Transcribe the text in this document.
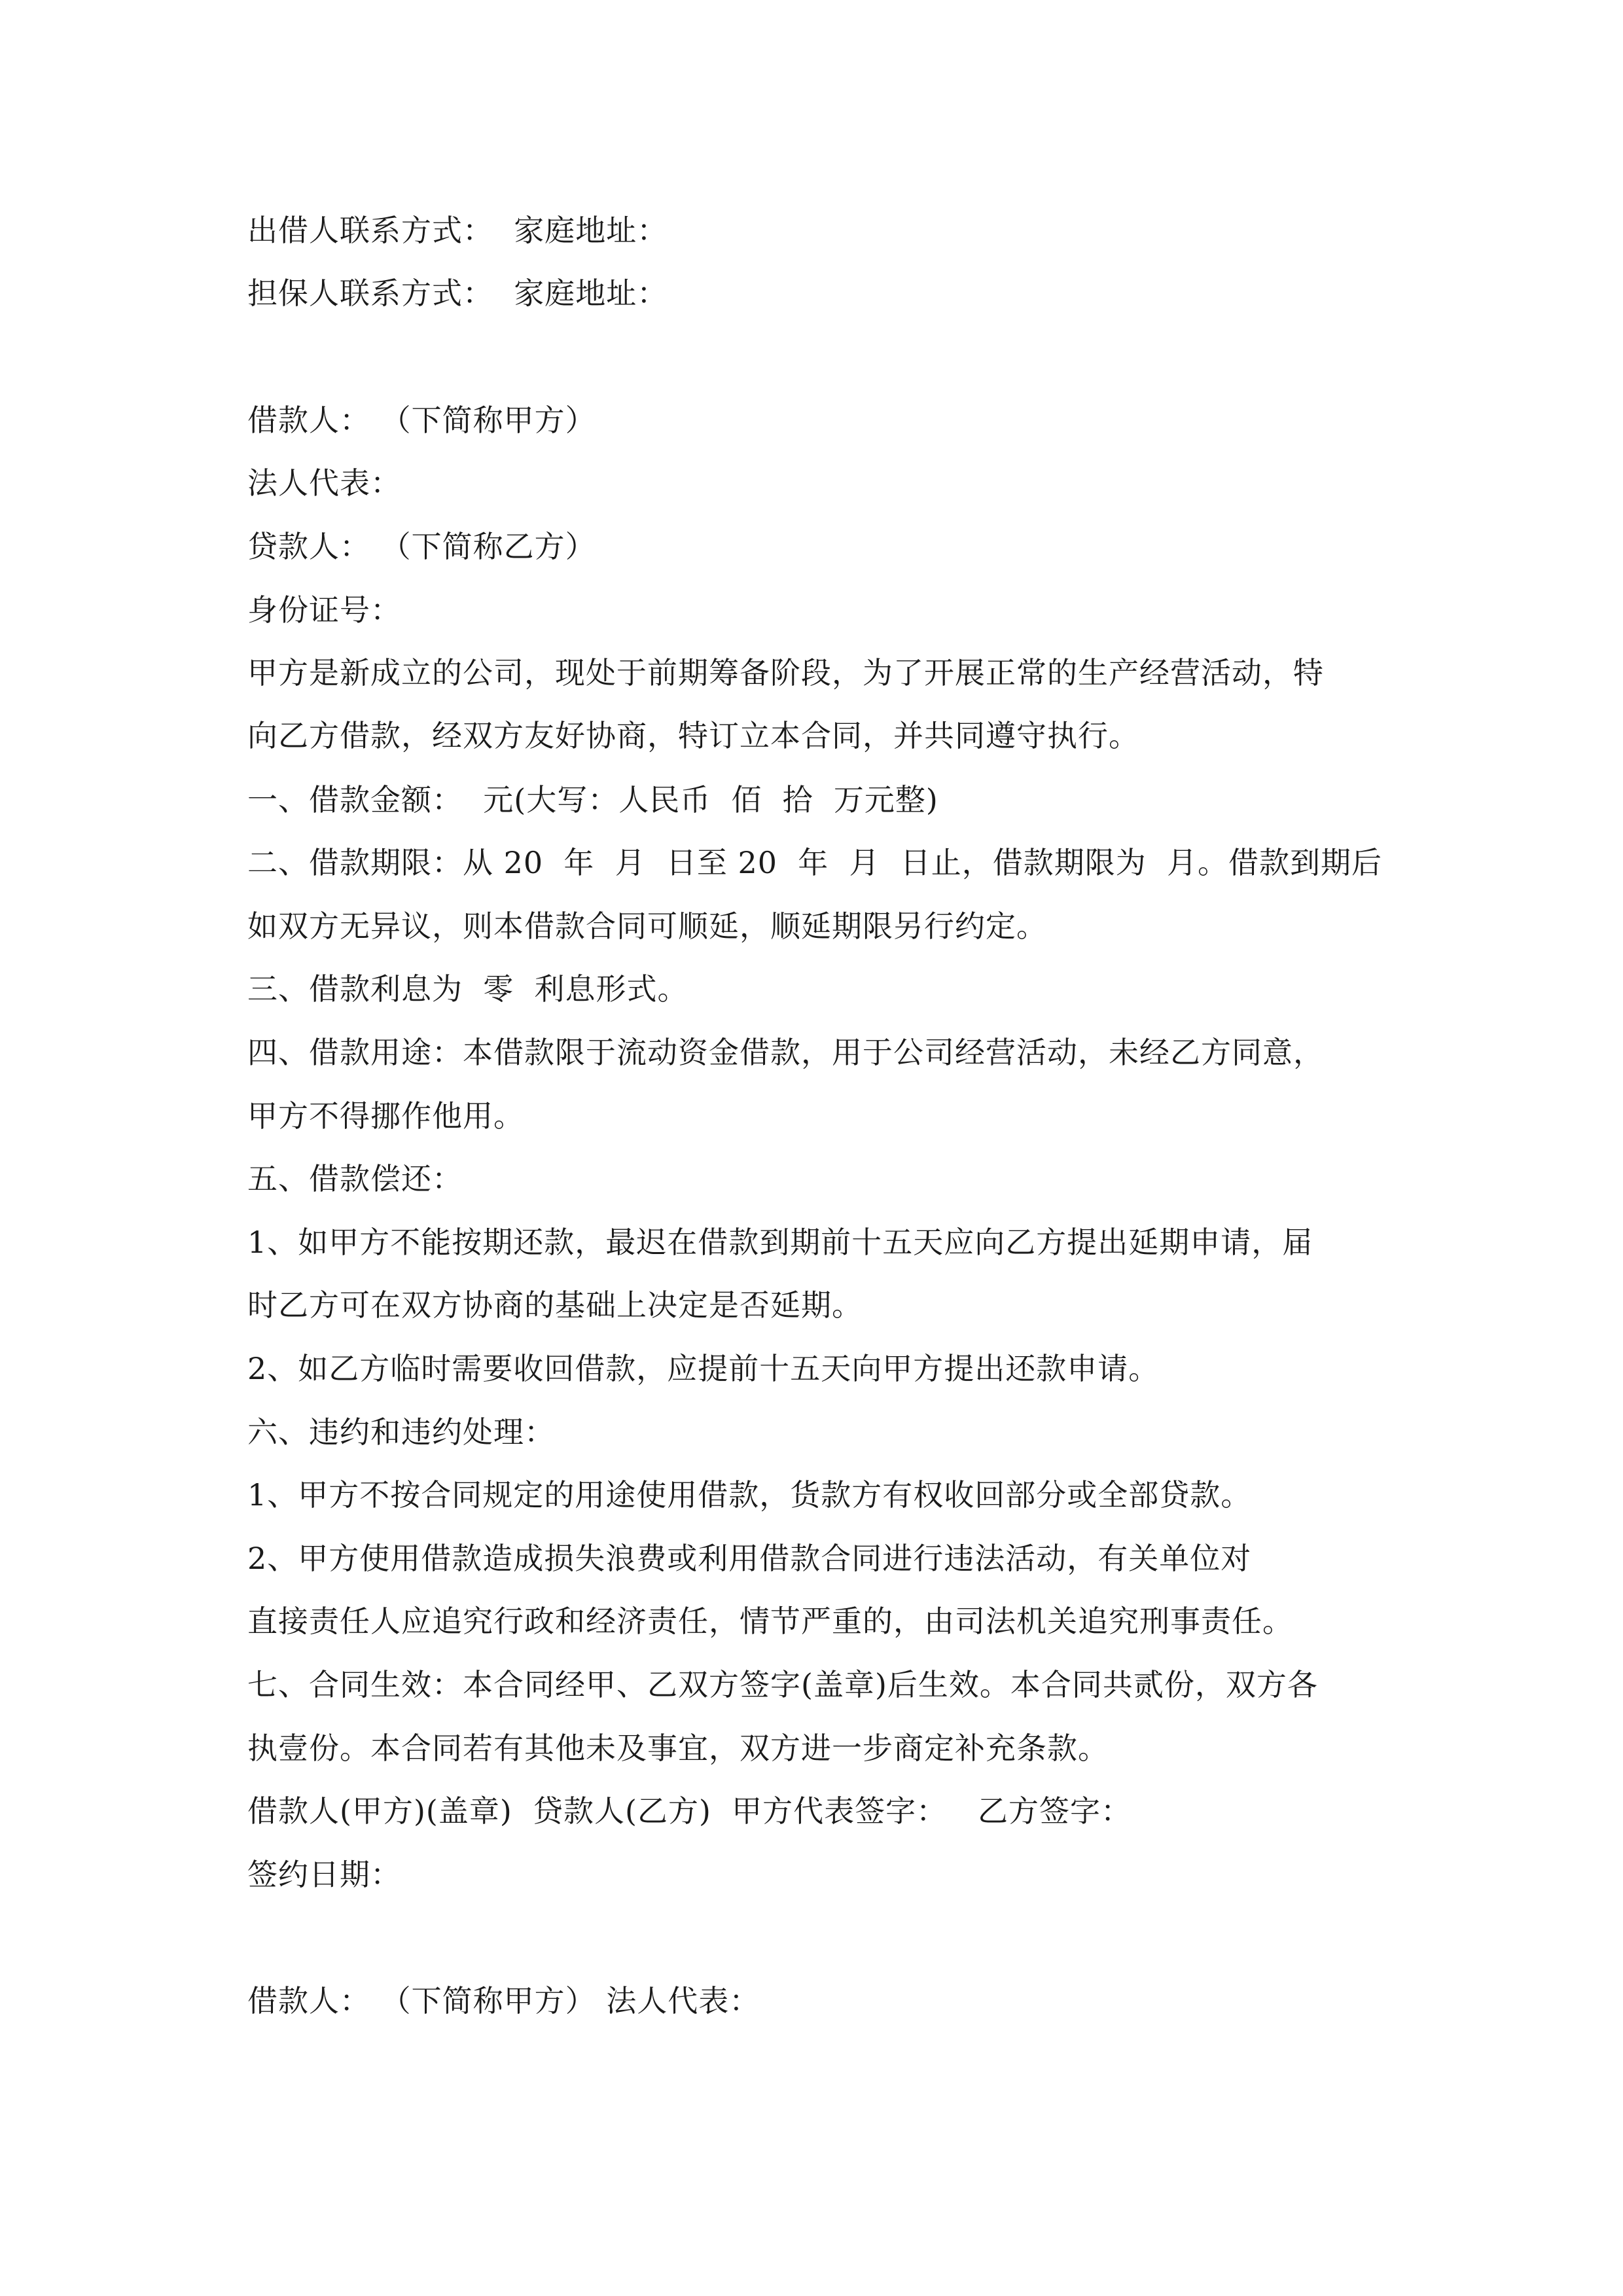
出借人联系方式：  家庭地址：
担保人联系方式：  家庭地址：
借款人： （下简称甲方）
法人代表：
贷款人： （下简称乙方）
身份证号：
甲方是新成立的公司，现处于前期筹备阶段，为了开展正常的生产经营活动，特
向乙方借款，经双方友好协商，特订立本合同，并共同遵守执行。
一、借款金额：  元(大写：人民币  佰  拾  万元整)
二、借款期限：从 20  年  月  日至 20  年  月  日止，借款期限为  月。借款到期后
如双方无异议，则本借款合同可顺延，顺延期限另行约定。
三、借款利息为  零  利息形式。
四、借款用途：本借款限于流动资金借款，用于公司经营活动，未经乙方同意，
甲方不得挪作他用。
五、借款偿还：
1、如甲方不能按期还款，最迟在借款到期前十五天应向乙方提出延期申请，届
时乙方可在双方协商的基础上决定是否延期。
2、如乙方临时需要收回借款，应提前十五天向甲方提出还款申请。
六、违约和违约处理：
1、甲方不按合同规定的用途使用借款，货款方有权收回部分或全部贷款。
2、甲方使用借款造成损失浪费或利用借款合同进行违法活动，有关单位对
直接责任人应追究行政和经济责任，情节严重的，由司法机关追究刑事责任。
七、合同生效：本合同经甲、乙双方签字(盖章)后生效。本合同共贰份，双方各
执壹份。本合同若有其他未及事宜，双方进一步商定补充条款。
借款人(甲方)(盖章)  贷款人(乙方)  甲方代表签字：   乙方签字：
签约日期：
借款人： （下简称甲方） 法人代表：
